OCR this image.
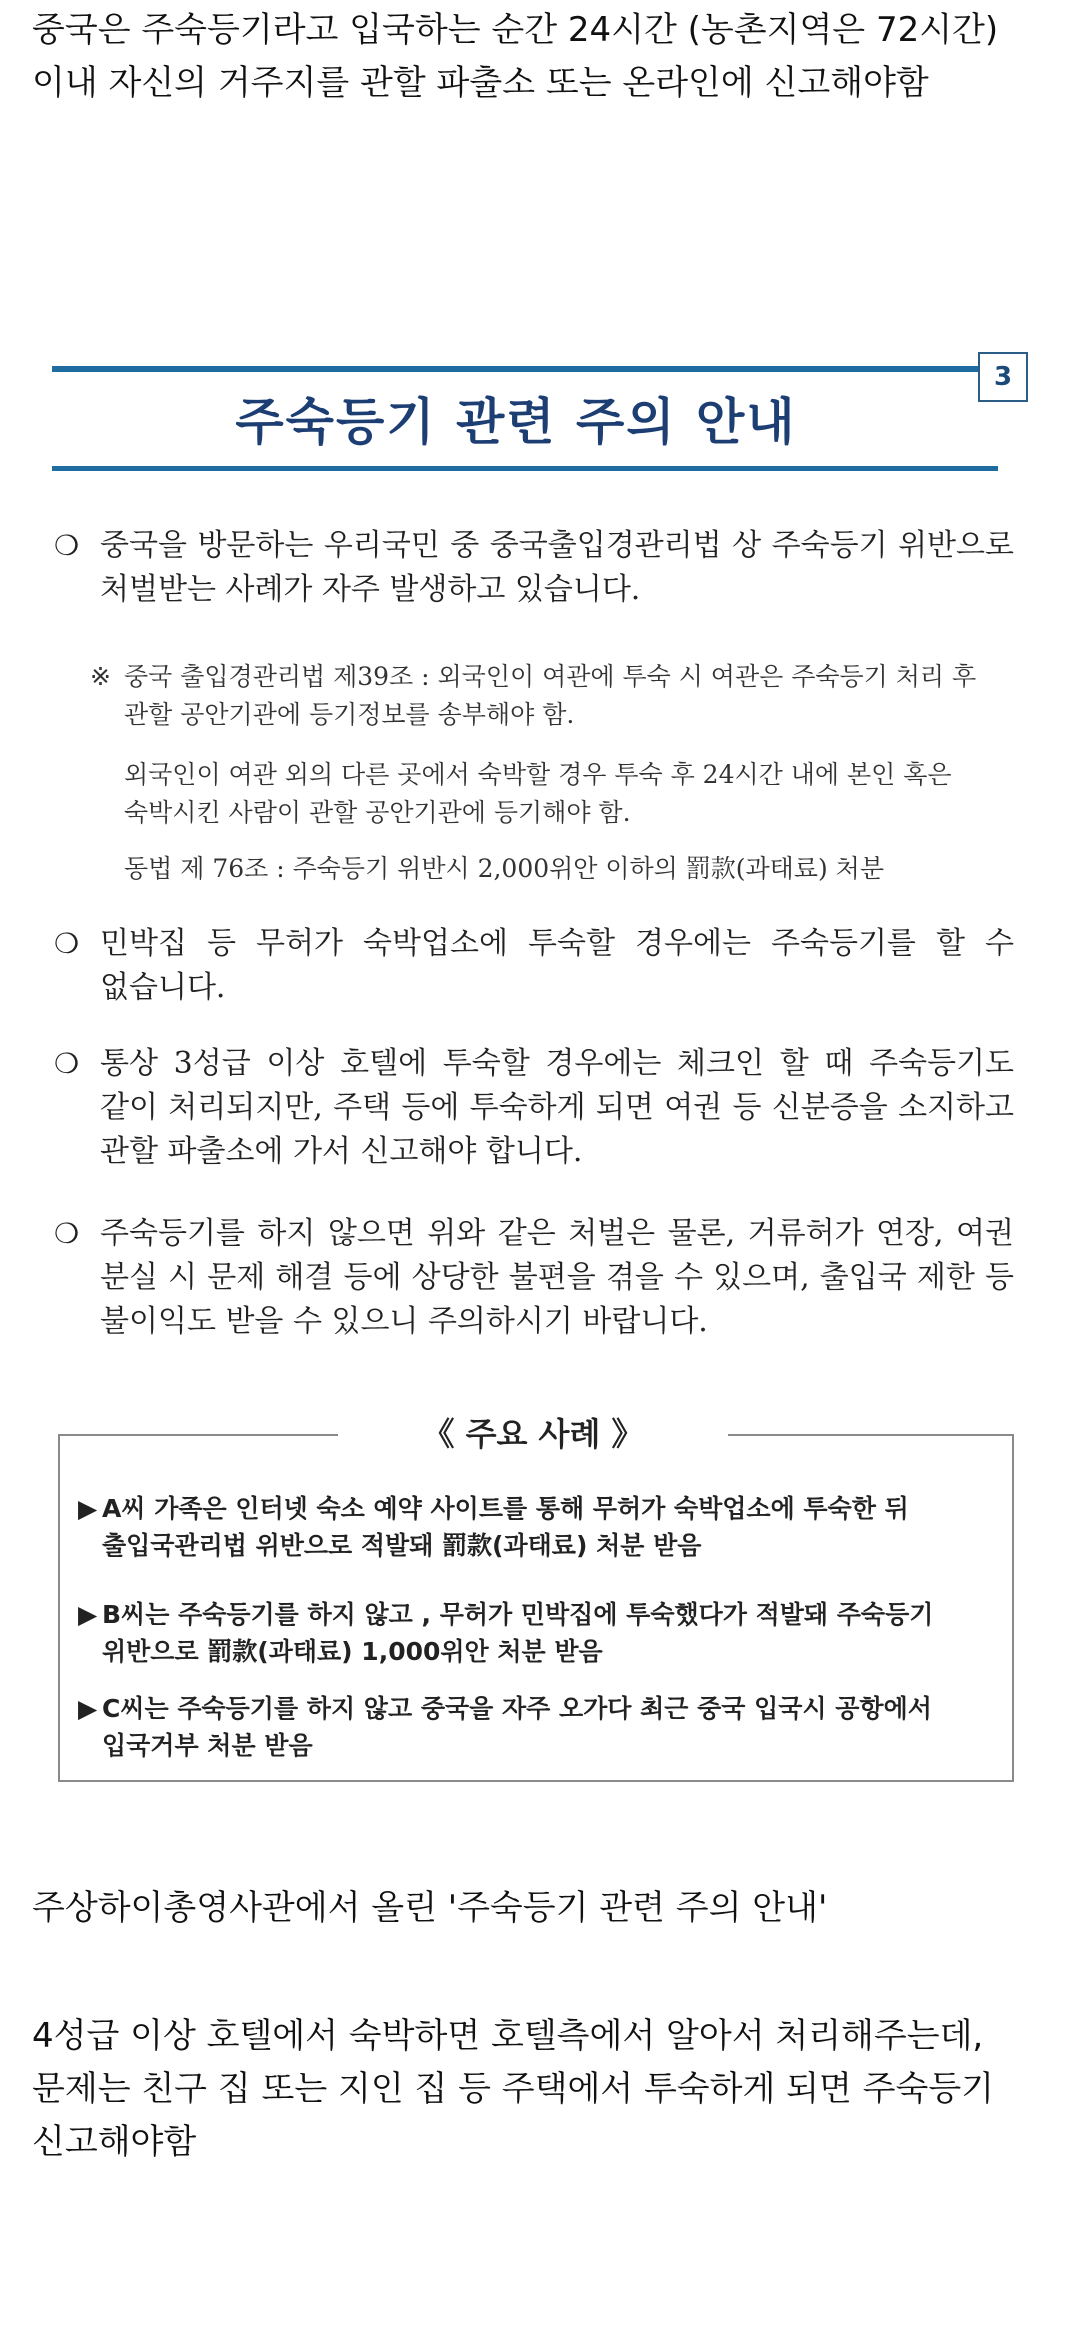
중국은 주숙등기라고 입국하는 순간 24시간 (농촌지역은 72시간) 이내 자신의 거주지를 관할 파출소 또는 온라인에 신고해야함

3
주숙등기 관련 주의 안내
❍ 중국을 방문하는 우리국민 중 중국출입경관리법 상 주숙등기 위반으로 처벌받는 사례가 자주 발생하고 있습니다.
※ 중국 출입경관리법 제39조 : 외국인이 여관에 투숙 시 여관은 주숙등기 처리 후 관할 공안기관에 등기정보를 송부해야 함.
외국인이 여관 외의 다른 곳에서 숙박할 경우 투숙 후 24시간 내에 본인 혹은 숙박시킨 사람이 관할 공안기관에 등기해야 함.
동법 제 76조 : 주숙등기 위반시 2,000위안 이하의 罰款(과태료) 처분
❍ 민박집 등 무허가 숙박업소에 투숙할 경우에는 주숙등기를 할 수 없습니다.
❍ 통상 3성급 이상 호텔에 투숙할 경우에는 체크인 할 때 주숙등기도 같이 처리되지만, 주택 등에 투숙하게 되면 여권 등 신분증을 소지하고 관할 파출소에 가서 신고해야 합니다.
❍ 주숙등기를 하지 않으면 위와 같은 처벌은 물론, 거류허가 연장, 여권 분실 시 문제 해결 등에 상당한 불편을 겪을 수 있으며, 출입국 제한 등 불이익도 받을 수 있으니 주의하시기 바랍니다.
《 주요 사례 》
▶ A씨 가족은 인터넷 숙소 예약 사이트를 통해 무허가 숙박업소에 투숙한 뒤 출입국관리법 위반으로 적발돼 罰款(과태료) 처분 받음
▶ B씨는 주숙등기를 하지 않고 , 무허가 민박집에 투숙했다가 적발돼 주숙등기 위반으로 罰款(과태료) 1,000위안 처분 받음
▶ C씨는 주숙등기를 하지 않고 중국을 자주 오가다 최근 중국 입국시 공항에서 입국거부 처분 받음

주상하이총영사관에서 올린 '주숙등기 관련 주의 안내'

4성급 이상 호텔에서 숙박하면 호텔측에서 알아서 처리해주는데, 문제는 친구 집 또는 지인 집 등 주택에서 투숙하게 되면 주숙등기 신고해야함
